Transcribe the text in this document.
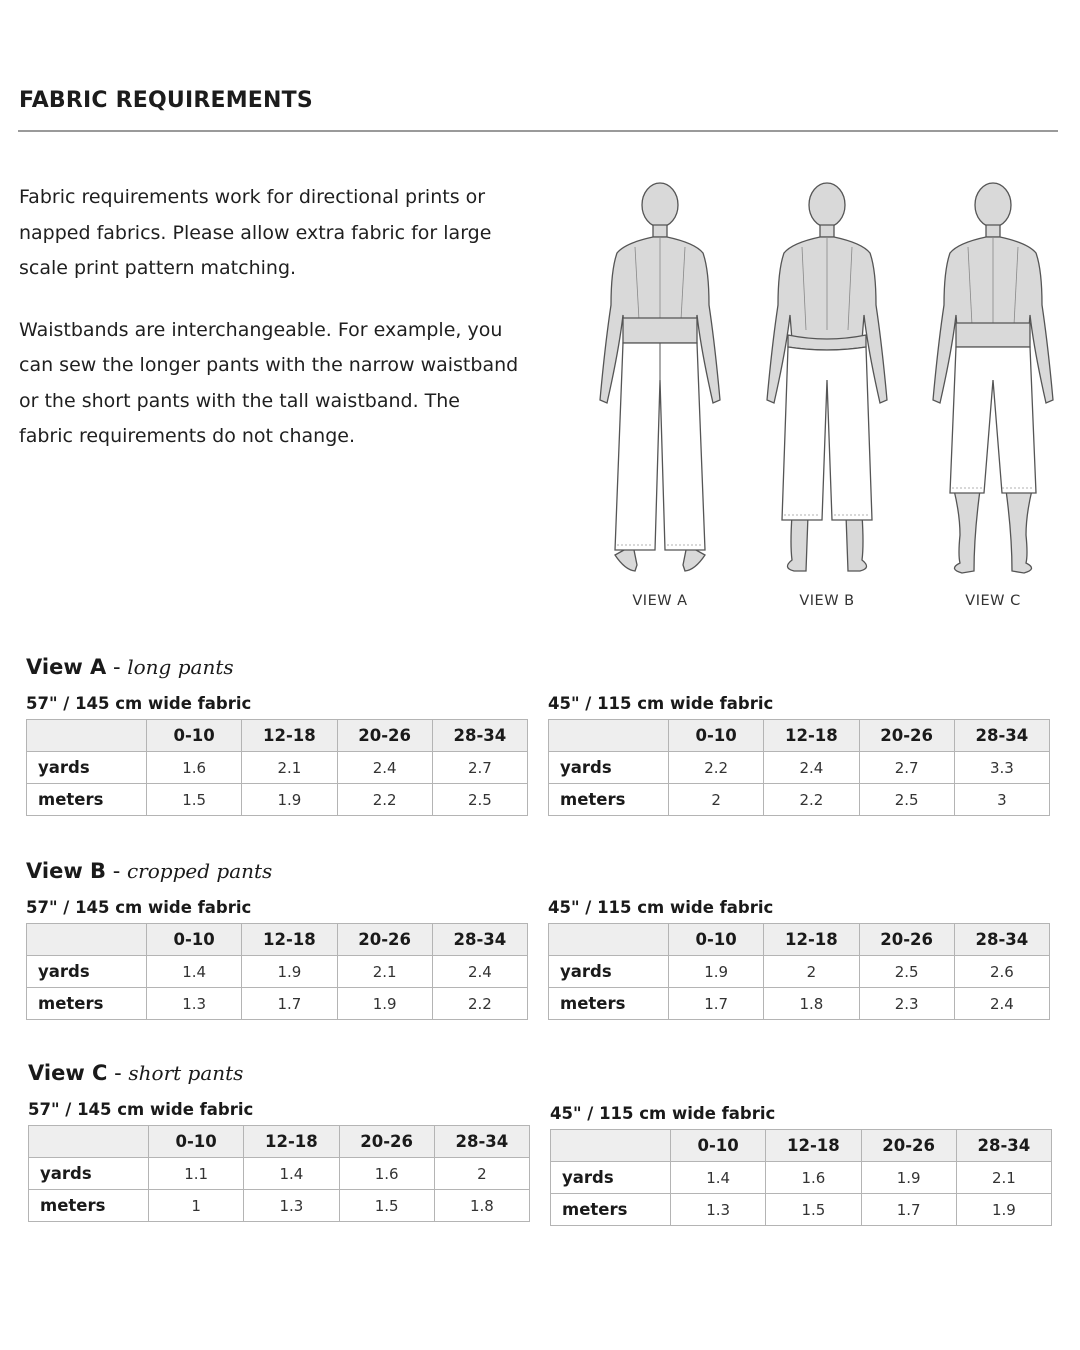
FABRIC REQUIREMENTS

Fabric requirements work for directional prints or napped fabrics. Please allow extra fabric for large scale print pattern matching.

Waistbands are interchangeable. For example, you can sew the longer pants with the narrow waistband or the short pants with the tall waistband. The fabric requirements do not change.

VIEW A	VIEW B	VIEW C
View A - long pants
57" / 145 cm wide fabric
	0-10	12-18	20-26	28-34
yards	1.6	2.1	2.4	2.7
meters	1.5	1.9	2.2	2.5
45" / 115 cm wide fabric
	0-10	12-18	20-26	28-34
yards	2.2	2.4	2.7	3.3
meters	2	2.2	2.5	3
View B - cropped pants
57" / 145 cm wide fabric
	0-10	12-18	20-26	28-34
yards	1.4	1.9	2.1	2.4
meters	1.3	1.7	1.9	2.2
45" / 115 cm wide fabric
	0-10	12-18	20-26	28-34
yards	1.9	2	2.5	2.6
meters	1.7	1.8	2.3	2.4
View C - short pants
57" / 145 cm wide fabric
	0-10	12-18	20-26	28-34
yards	1.1	1.4	1.6	2
meters	1	1.3	1.5	1.8
45" / 115 cm wide fabric
	0-10	12-18	20-26	28-34
yards	1.4	1.6	1.9	2.1
meters	1.3	1.5	1.7	1.9
